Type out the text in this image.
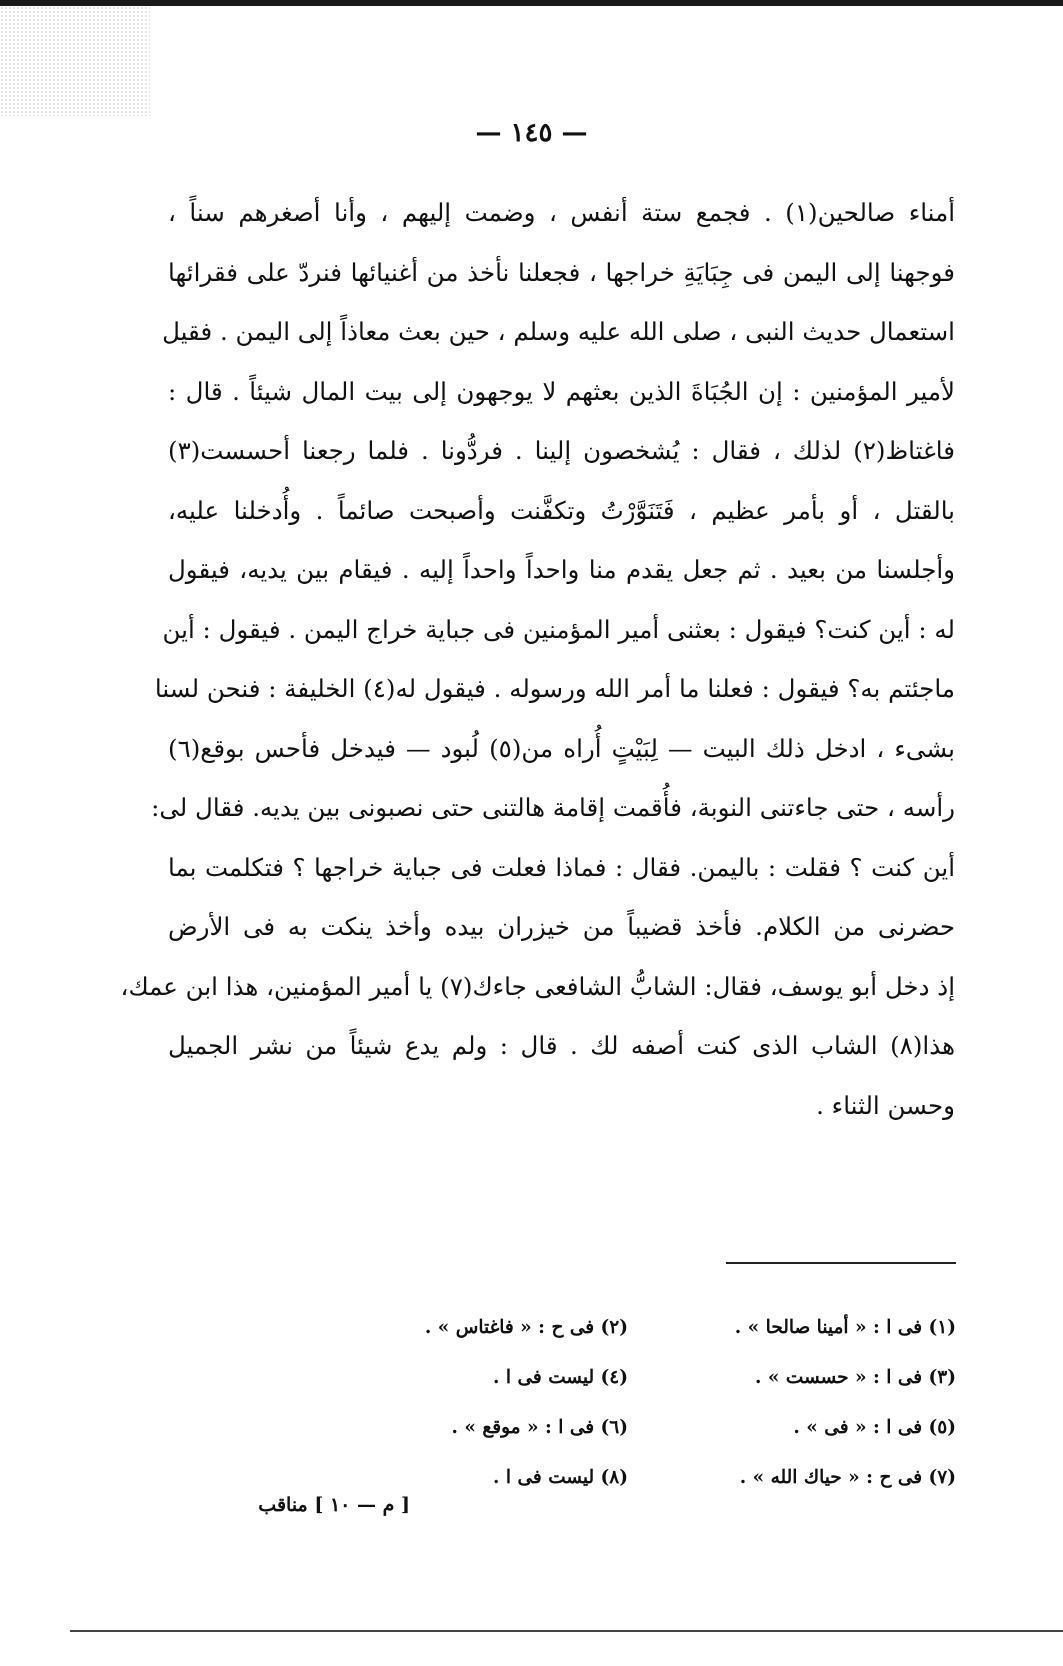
— ١٤٥ —
أمناء صالحين(١) . فجمع ستة أنفس ، وضمت إليهم ، وأنا أصغرهم سناً ،
فوجهنا إلى اليمن فى جِبَايَةِ خراجها ، فجعلنا نأخذ من أغنيائها فنردّ على فقرائها
استعمال حديث النبى ، صلى الله عليه وسلم ، حين بعث معاذاً إلى اليمن . فقيل
لأمير المؤمنين : إن الجُبَاةَ الذين بعثهم لا يوجهون إلى بيت المال شيئاً . قال :
فاغتاظ(٢) لذلك ، فقال : يُشخصون إلينا . فردُّونا . فلما رجعنا أحسست(٣)
بالقتل ، أو بأمر عظيم ، فَتَنَوَّرْتُ وتكفَّنت وأصبحت صائماً . وأُدخلنا عليه،
وأجلسنا من بعيد . ثم جعل يقدم منا واحداً واحداً إليه . فيقام بين يديه، فيقول
له : أين كنت؟ فيقول : بعثنى أمير المؤمنين فى جباية خراج اليمن . فيقول : أين
ماجئتم به؟ فيقول : فعلنا ما أمر الله ورسوله . فيقول له(٤) الخليفة : فنحن لسنا
بشىء ، ادخل ذلك البيت — لِبَيْتٍ أُراه من(٥) لُبود — فيدخل فأحس بوقع(٦)
رأسه ، حتى جاءتنى النوبة، فأُقمت إقامة هالتنى حتى نصبونى بين يديه. فقال لى:
أين كنت ؟ فقلت : باليمن. فقال : فماذا فعلت فى جباية خراجها ؟ فتكلمت بما
حضرنى من الكلام. فأخذ قضيباً من خيزران بيده وأخذ ينكت به فى الأرض
إذ دخل أبو يوسف، فقال: الشابُّ الشافعى جاءك(٧) يا أمير المؤمنين، هذا ابن عمك،
هذا(٨) الشاب الذى كنت أصفه لك . قال : ولم يدع شيئاً من نشر الجميل
وحسن الثناء .
(١) فى ا : « أمينا صالحا » .
(٢) فى ح : « فاغتاس » .
(٣) فى ا : « حسست » .
(٤) ليست فى ا .
(٥) فى ا : « فى » .
(٦) فى ا : « موقع » .
(٧) فى ح : « حياك الله » .
(٨) ليست فى ا .
[ م — ١٠ ] مناقب
